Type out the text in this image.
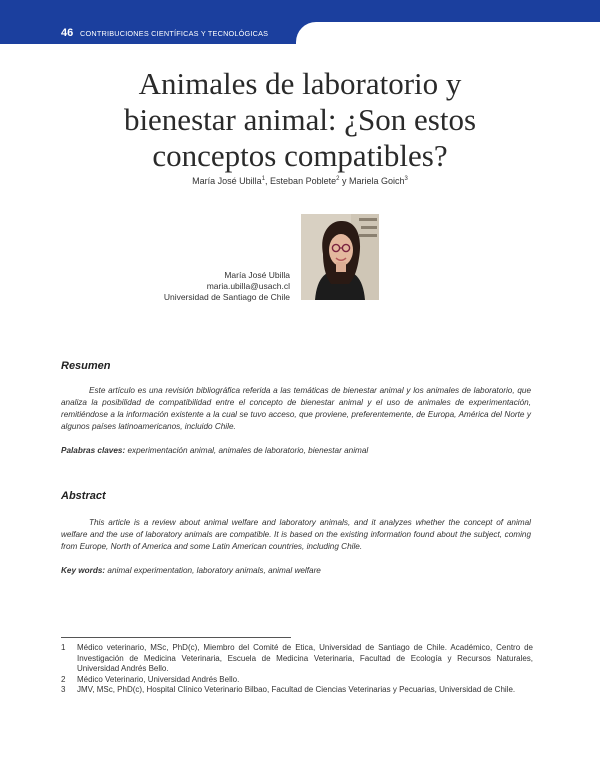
46 CONTRIBUCIONES CIENTÍFICAS Y TECNOLÓGICAS
Animales de laboratorio y
bienestar animal: ¿Son estos
conceptos compatibles?
María José Ubilla$^1$, Esteban Poblete$^2$ y Mariela Goich$^3$
María José Ubilla
maria.ubilla@usach.cl
Universidad de Santiago de Chile
Resumen

Este artículo es una revisión bibliográfica referida a las temáticas de bienestar animal y los animales de laboratorio, que analiza la posibilidad de compatibilidad entre el concepto de bienestar animal y el uso de animales de experimentación, remitiéndose a la información existente a la cual se tuvo acceso, que proviene, preferentemente, de Europa, América del Norte y algunos países latinoamericanos, incluido Chile.

Palabras claves: experimentación animal, animales de laboratorio, bienestar animal
Abstract

This article is a review about animal welfare and laboratory animals, and it analyzes whether the concept of animal welfare and the use of laboratory animals are compatible. It is based on the existing information found about the subject, coming from Europe, North of America and some Latin American countries, including Chile.

Key words: animal experimentation, laboratory animals, animal welfare
1 Médico veterinario, MSc, PhD(c), Miembro del Comité de Etica, Universidad de Santiago de Chile. Académico, Centro de Investigación de Medicina Veterinaria, Escuela de Medicina Veterinaria, Facultad de Ecología y Recursos Naturales, Universidad Andrés Bello.
2 Médico Veterinario, Universidad Andrés Bello.
3 JMV, MSc, PhD(c), Hospital Clínico Veterinario Bilbao, Facultad de Ciencias Veterinarias y Pecuarias, Universidad de Chile.
